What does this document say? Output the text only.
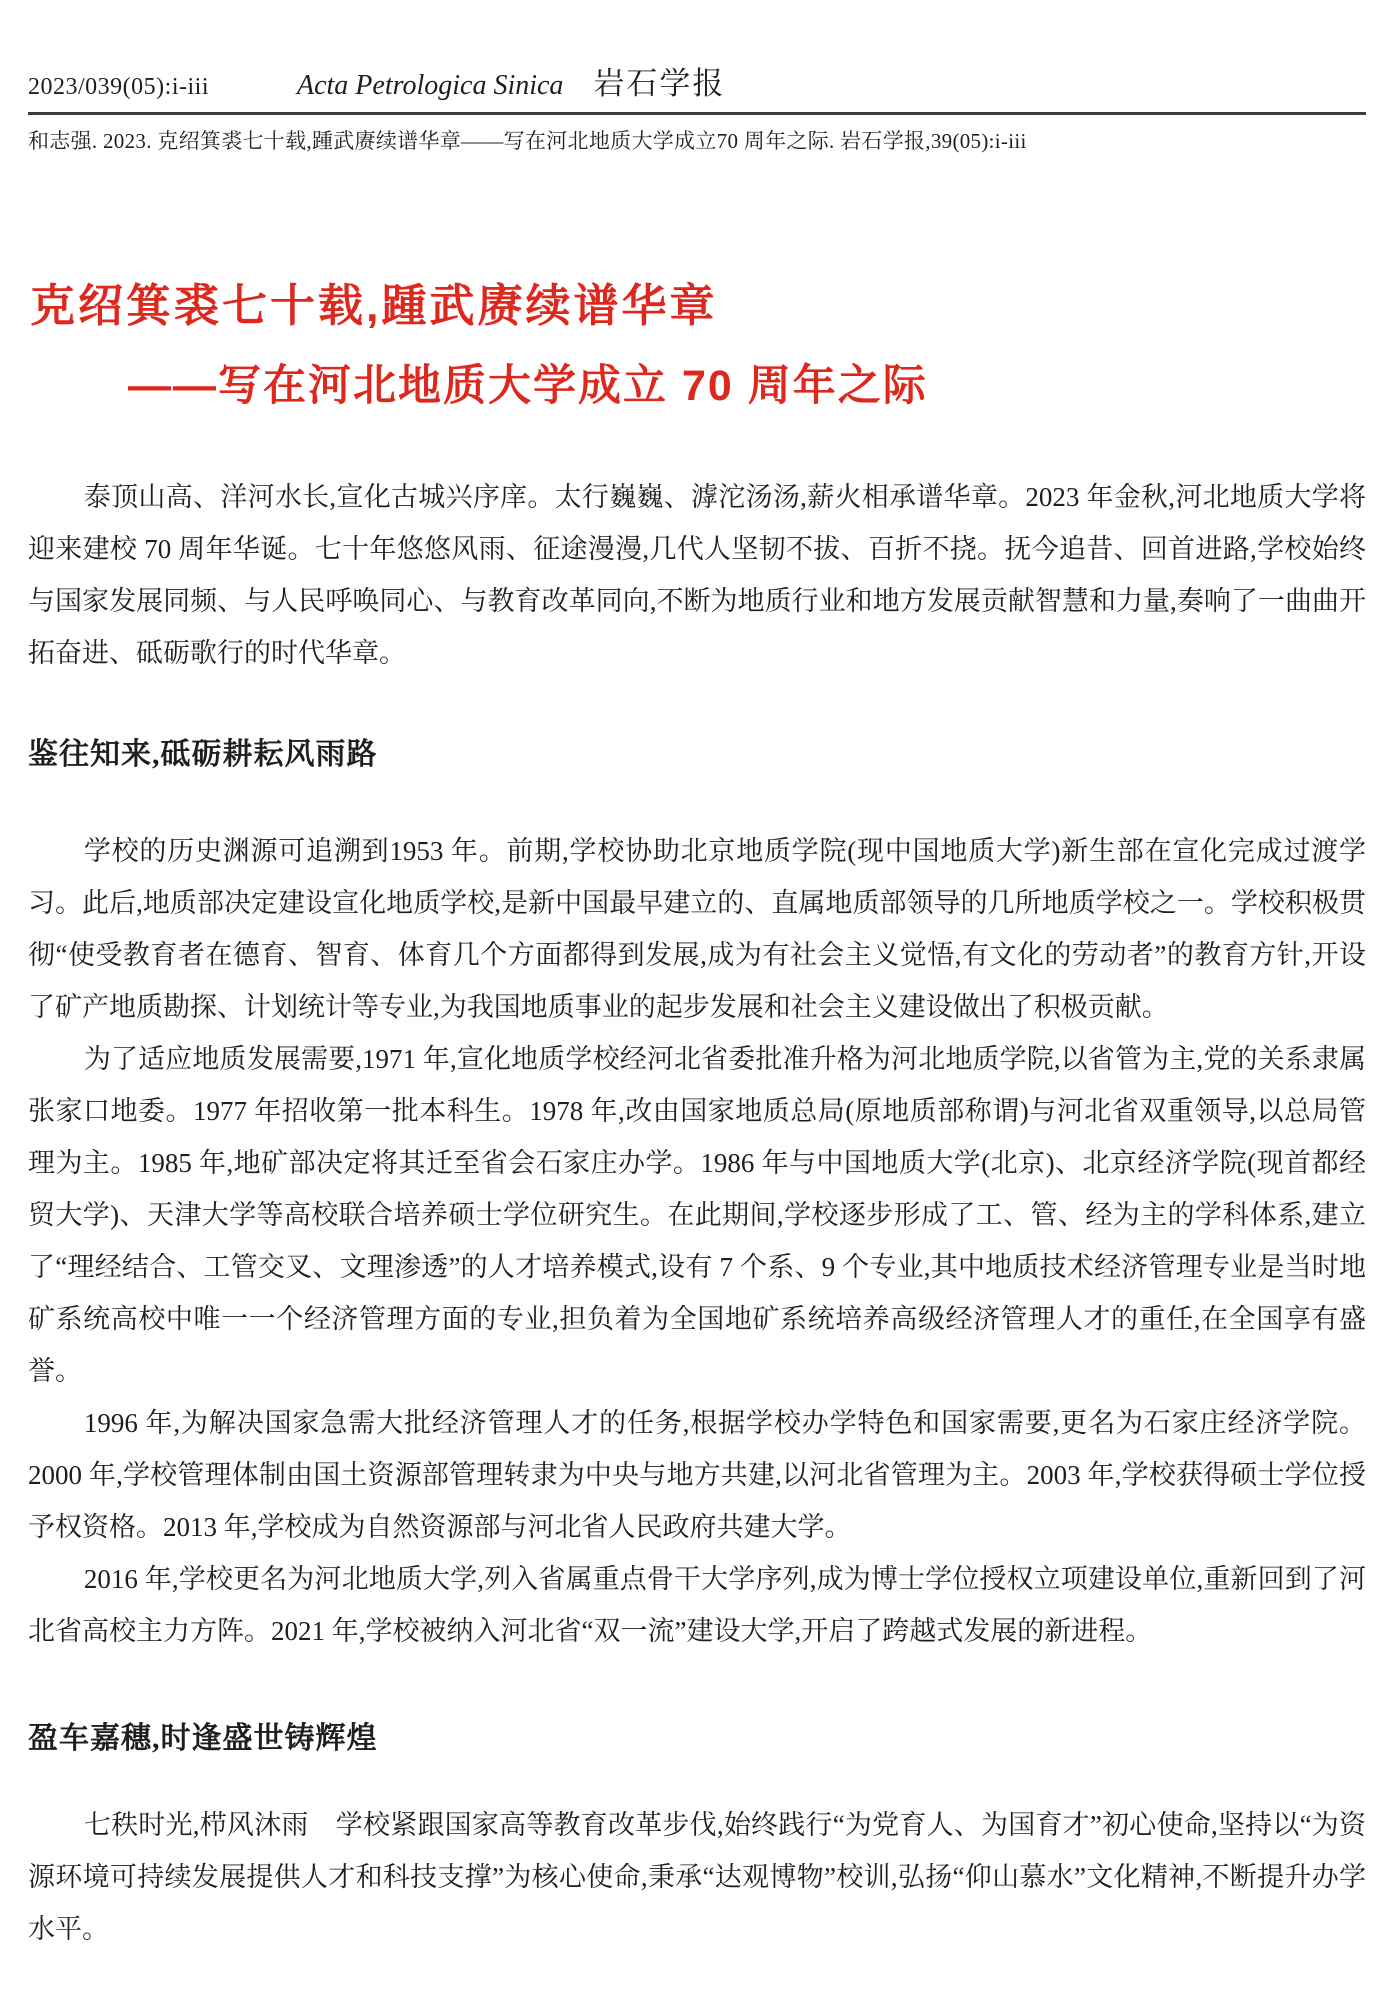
2023/039(05):i-iii	Acta Petrologica Sinica 岩石学报
和志强. 2023. 克绍箕裘七十载,踵武赓续谱华章——写在河北地质大学成立70 周年之际. 岩石学报,39(05):i-iii
克绍箕裘七十载,踵武赓续谱华章
——写在河北地质大学成立 70 周年之际

泰顶山高、洋河水长,宣化古城兴序庠。太行巍巍、滹沱汤汤,薪火相承谱华章。2023 年金秋,河北地质大学将迎来建校 70 周年华诞。七十年悠悠风雨、征途漫漫,几代人坚韧不拔、百折不挠。抚今追昔、回首进路,学校始终与国家发展同频、与人民呼唤同心、与教育改革同向,不断为地质行业和地方发展贡献智慧和力量,奏响了一曲曲开拓奋进、砥砺歌行的时代华章。

鉴往知来,砥砺耕耘风雨路

学校的历史渊源可追溯到1953 年。前期,学校协助北京地质学院(现中国地质大学)新生部在宣化完成过渡学习。此后,地质部决定建设宣化地质学校,是新中国最早建立的、直属地质部领导的几所地质学校之一。学校积极贯彻“使受教育者在德育、智育、体育几个方面都得到发展,成为有社会主义觉悟,有文化的劳动者”的教育方针,开设了矿产地质勘探、计划统计等专业,为我国地质事业的起步发展和社会主义建设做出了积极贡献。

为了适应地质发展需要,1971 年,宣化地质学校经河北省委批准升格为河北地质学院,以省管为主,党的关系隶属张家口地委。1977 年招收第一批本科生。1978 年,改由国家地质总局(原地质部称谓)与河北省双重领导,以总局管理为主。1985 年,地矿部决定将其迁至省会石家庄办学。1986 年与中国地质大学(北京)、北京经济学院(现首都经贸大学)、天津大学等高校联合培养硕士学位研究生。在此期间,学校逐步形成了工、管、经为主的学科体系,建立了“理经结合、工管交叉、文理渗透”的人才培养模式,设有 7 个系、9 个专业,其中地质技术经济管理专业是当时地矿系统高校中唯一一个经济管理方面的专业,担负着为全国地矿系统培养高级经济管理人才的重任,在全国享有盛誉。

1996 年,为解决国家急需大批经济管理人才的任务,根据学校办学特色和国家需要,更名为石家庄经济学院。2000 年,学校管理体制由国土资源部管理转隶为中央与地方共建,以河北省管理为主。2003 年,学校获得硕士学位授予权资格。2013 年,学校成为自然资源部与河北省人民政府共建大学。

2016 年,学校更名为河北地质大学,列入省属重点骨干大学序列,成为博士学位授权立项建设单位,重新回到了河北省高校主力方阵。2021 年,学校被纳入河北省“双一流”建设大学,开启了跨越式发展的新进程。

盈车嘉穗,时逢盛世铸辉煌

七秩时光,栉风沐雨　学校紧跟国家高等教育改革步伐,始终践行“为党育人、为国育才”初心使命,坚持以“为资源环境可持续发展提供人才和科技支撑”为核心使命,秉承“达观博物”校训,弘扬“仰山慕水”文化精神,不断提升办学水平。
